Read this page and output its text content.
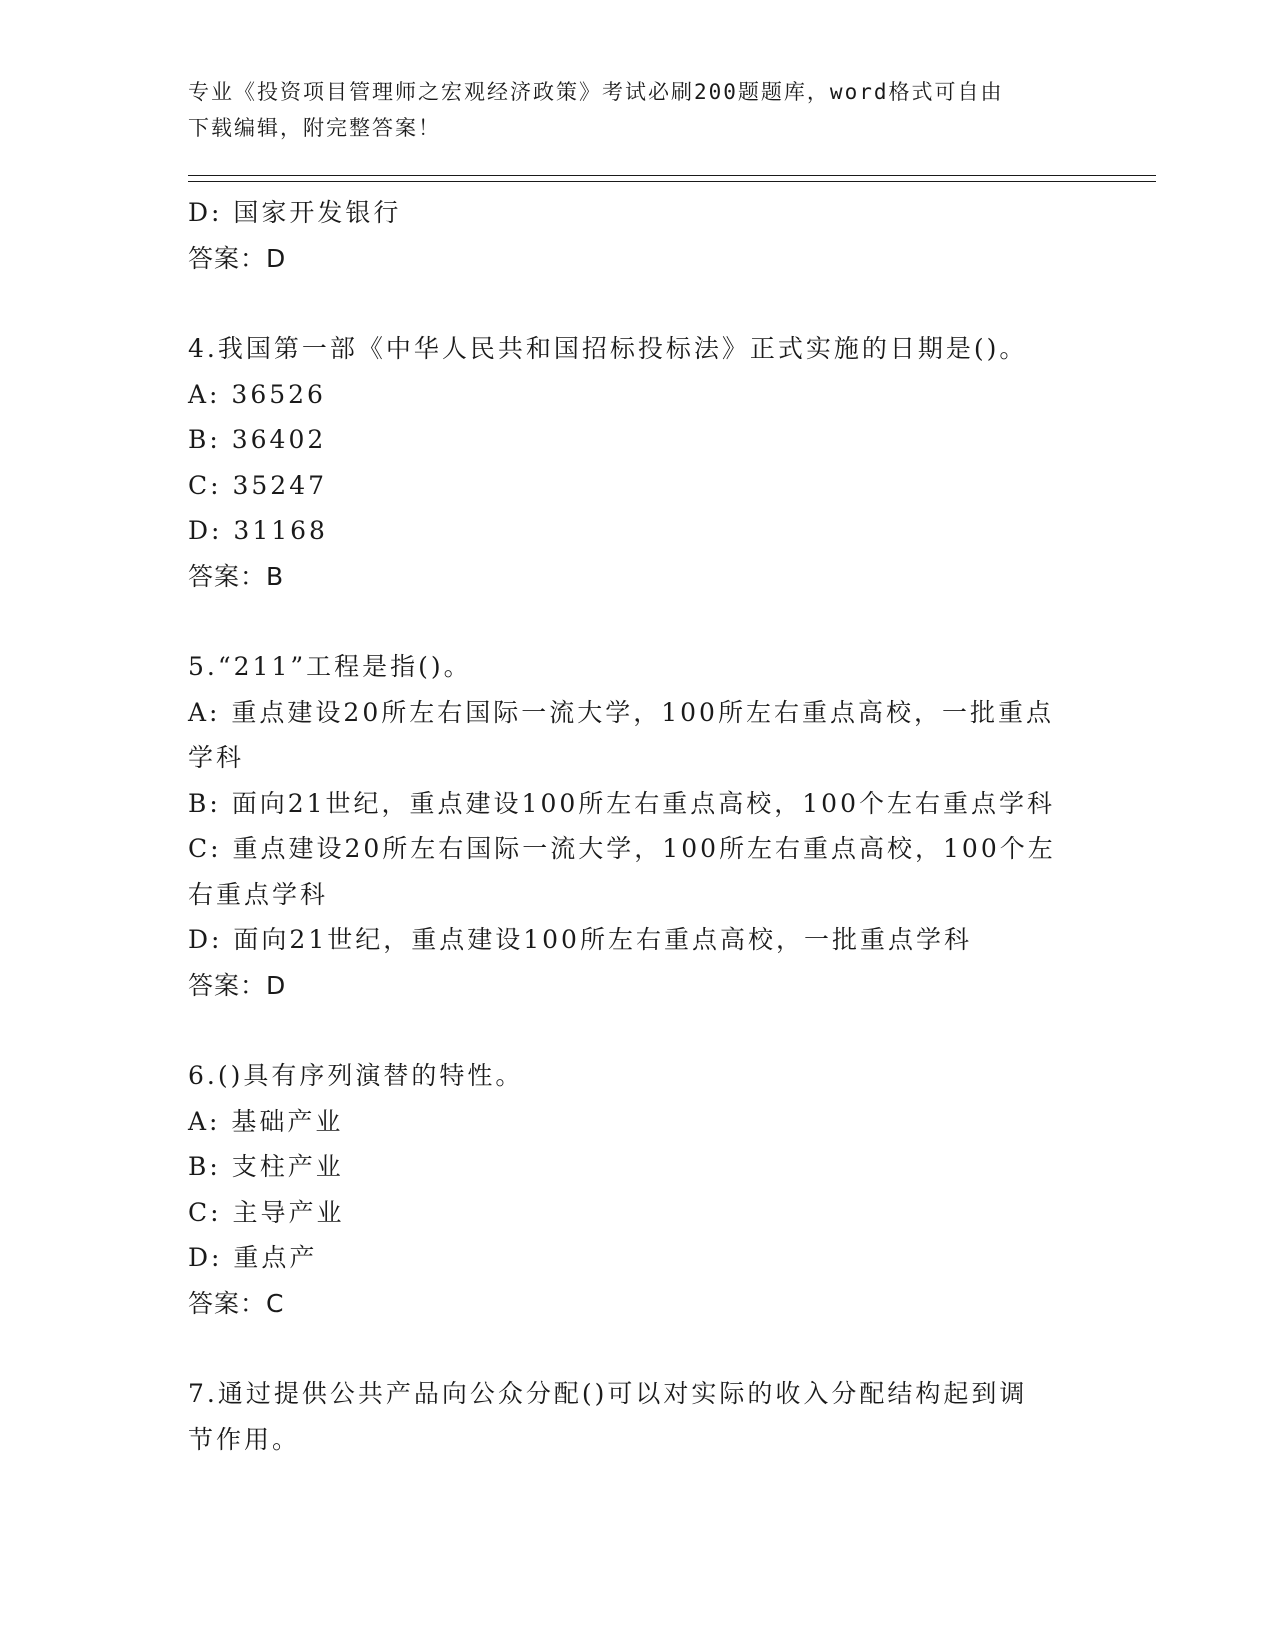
专业《投资项目管理师之宏观经济政策》考试必刷200题题库，word格式可自由
下载编辑，附完整答案！
D: 国家开发银行
答案：D
4.我国第一部《中华人民共和国招标投标法》正式实施的日期是()。
A: 36526
B: 36402
C: 35247
D: 31168
答案：B
5.“211”工程是指()。
A: 重点建设20所左右国际一流大学，100所左右重点高校，一批重点
学科
B: 面向21世纪，重点建设100所左右重点高校，100个左右重点学科
C: 重点建设20所左右国际一流大学，100所左右重点高校，100个左
右重点学科
D: 面向21世纪，重点建设100所左右重点高校，一批重点学科
答案：D
6.()具有序列演替的特性。
A: 基础产业
B: 支柱产业
C: 主导产业
D: 重点产
答案：C
7.通过提供公共产品向公众分配()可以对实际的收入分配结构起到调
节作用。
